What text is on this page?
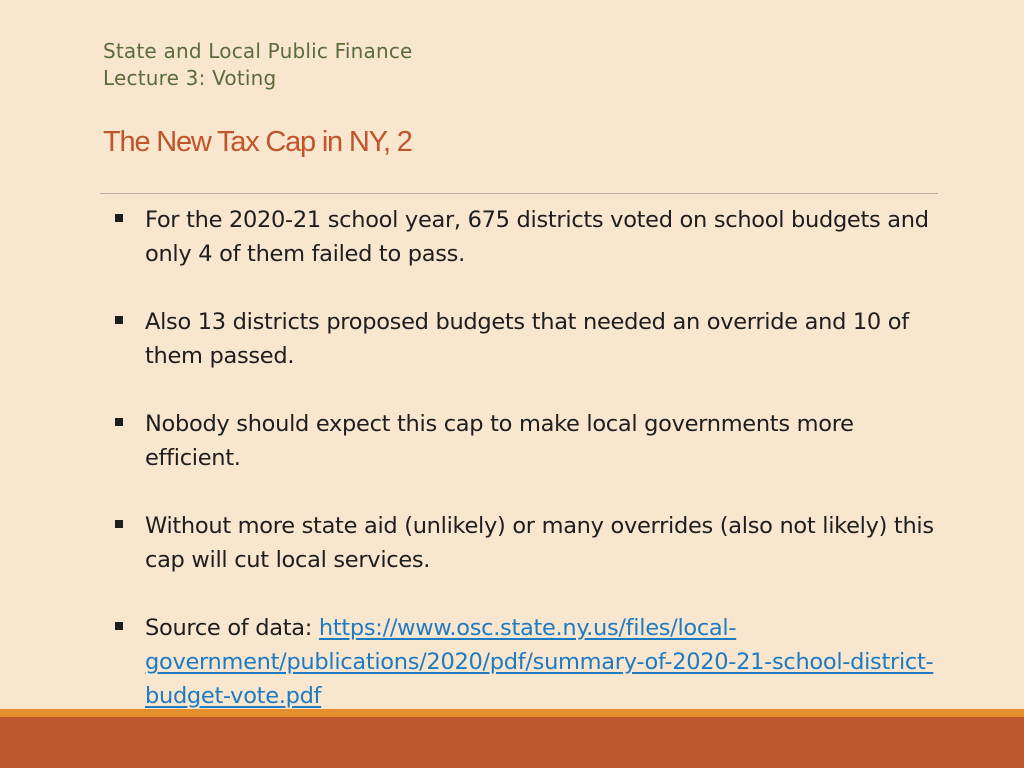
State and Local Public Finance
Lecture 3: Voting
The New Tax Cap in NY, 2
For the 2020-21 school year, 675 districts voted on school budgets and only 4 of them failed to pass.
Also 13 districts proposed budgets that needed an override and 10 of them passed.
Nobody should expect this cap to make local governments more efficient.
Without more state aid (unlikely) or many overrides (also not likely) this cap will cut local services.
Source of data: https://www.osc.state.ny.us/files/local-government/publications/2020/pdf/summary-of-2020-21-school-district-budget-vote.pdf
